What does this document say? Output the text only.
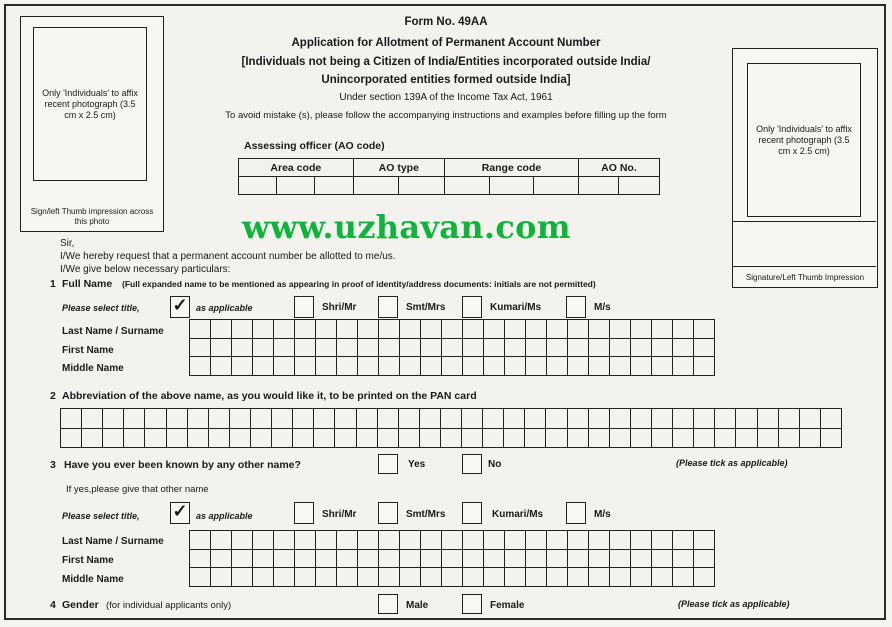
Only 'Individuals' to affix recent photograph (3.5 cm x 2.5 cm)
Sign/left Thumb impression across this photo
Only 'Individuals' to affix recent photograph (3.5 cm x 2.5 cm)
Signature/Left Thumb Impression
Form No. 49AA
Application for Allotment of Permanent Account Number
[Individuals not being a Citizen of India/Entities incorporated outside India/
Unincorporated entities formed outside India]
Under section 139A of the Income Tax Act, 1961
To avoid mistake (s), please follow the accompanying instructions and examples before filling up the form
Assessing officer (AO code)
Area code			AO type		Range code			AO No.	

www.uzhavan.com
Sir,
I/We hereby request that a permanent account number be allotted to me/us.
I/We give below necessary particulars:
1 Full Name (Full expanded name to be mentioned as appearing in proof of identity/address documents: initials are not permitted)
Please select title, ✓ as applicable	Shri/Mr	Smt/Mrs	Kumari/Ms	M/s
Last Name / Surname
First Name
Middle Name
2 Abbreviation of the above name, as you would like it, to be printed on the PAN card
3 Have you ever been known by any other name?	Yes	No	(Please tick as applicable)
If yes,please give that other name
Please select title, ✓ as applicable	Shri/Mr	Smt/Mrs	Kumari/Ms	M/s
Last Name / Surname
First Name
Middle Name
4 Gender (for individual applicants only)	Male	Female	(Please tick as applicable)
